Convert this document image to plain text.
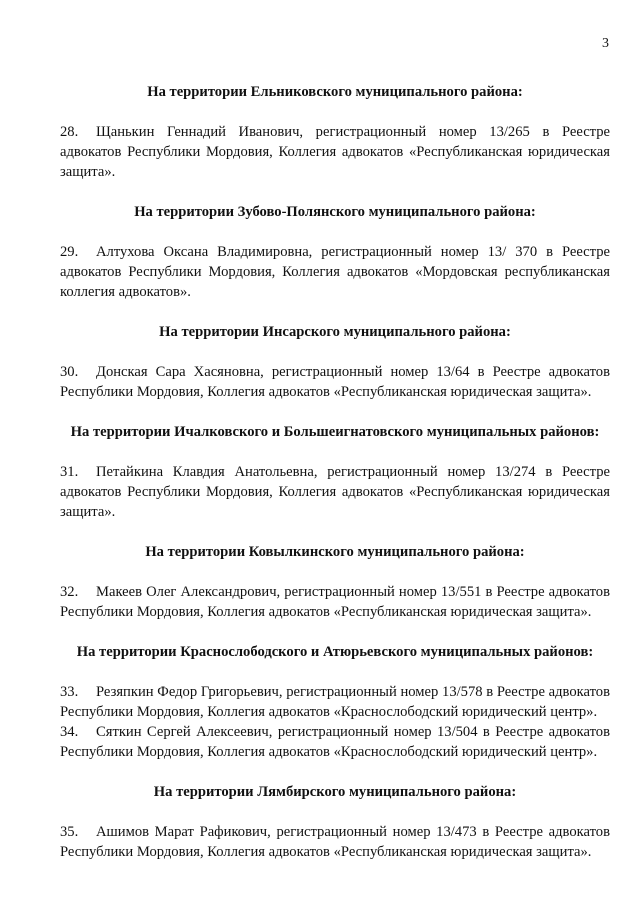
3
На территории Ельниковского муниципального района:

28. Щанькин Геннадий Иванович, регистрационный номер 13/265 в Реестре адвокатов Республики Мордовия, Коллегия адвокатов «Республиканская юридическая защита».

На территории Зубово-Полянского муниципального района:

29. Алтухова Оксана Владимировна, регистрационный номер 13/ 370 в Реестре адвокатов Республики Мордовия, Коллегия адвокатов «Мордовская республиканская коллегия адвокатов».

На территории Инсарского муниципального района:

30. Донская Сара Хасяновна, регистрационный номер 13/64 в Реестре адвокатов Республики Мордовия, Коллегия адвокатов «Республиканская юридическая защита».

На территории Ичалковского и Большеигнатовского муниципальных районов:

31. Петайкина Клавдия Анатольевна, регистрационный номер 13/274 в Реестре адвокатов Республики Мордовия, Коллегия адвокатов «Республиканская юридическая защита».

На территории Ковылкинского муниципального района:

32. Макеев Олег Александрович, регистрационный номер 13/551 в Реестре адвокатов Республики Мордовия, Коллегия адвокатов «Республиканская юридическая защита».

На территории Краснослободского и Атюрьевского муниципальных районов:

33. Резяпкин Федор Григорьевич, регистрационный номер 13/578 в Реестре адвокатов Республики Мордовия, Коллегия адвокатов «Краснослободский юридический центр».

34. Сяткин Сергей Алексеевич, регистрационный номер 13/504 в Реестре адвокатов Республики Мордовия, Коллегия адвокатов «Краснослободский юридический центр».

На территории Лямбирского муниципального района:

35. Ашимов Марат Рафикович, регистрационный номер 13/473 в Реестре адвокатов Республики Мордовия, Коллегия адвокатов «Республиканская юридическая защита».
